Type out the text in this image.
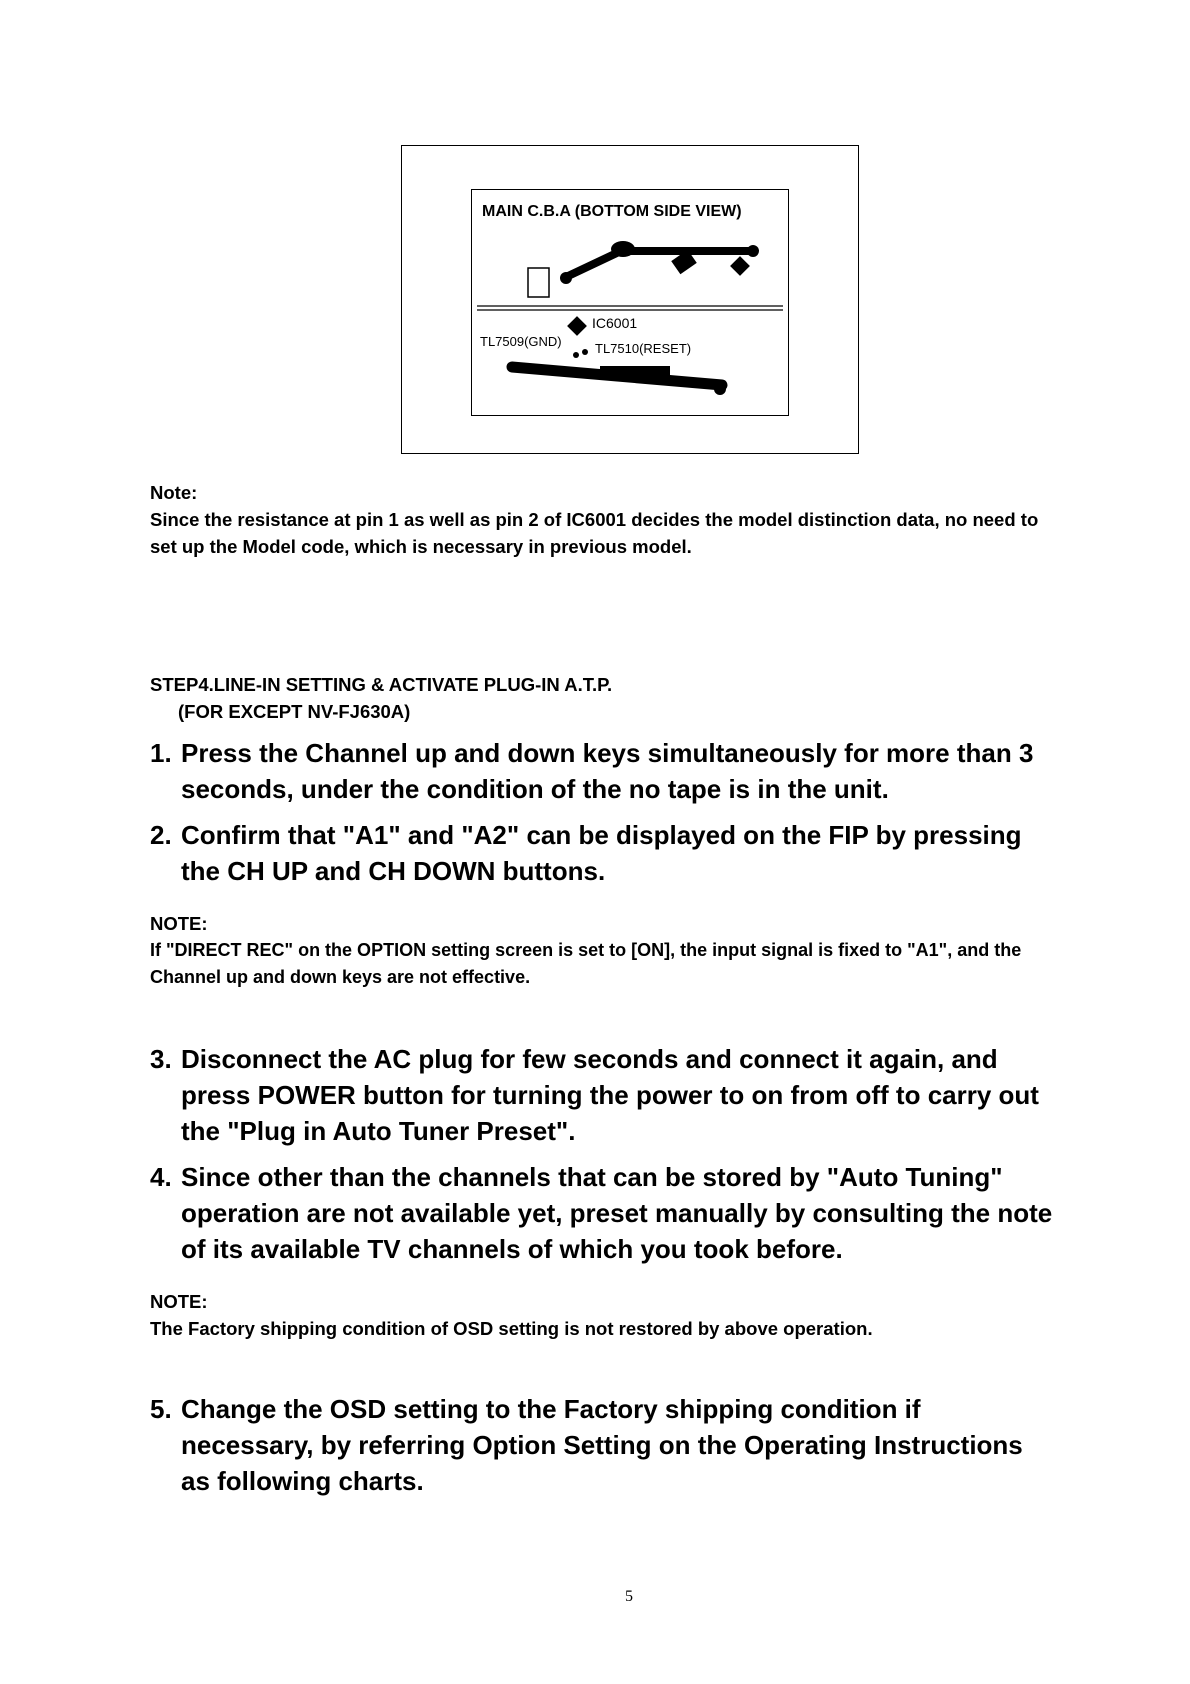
MAIN C.B.A (BOTTOM SIDE VIEW)
IC6001
TL7509(GND)	TL7510(RESET)
Note:
Since the resistance at pin 1 as well as pin 2 of IC6001 decides the model distinction data, no need to
set up the Model code, which is necessary in previous model.
STEP4.LINE-IN SETTING & ACTIVATE PLUG-IN A.T.P.
(FOR EXCEPT NV-FJ630A)
1. Press the Channel up and down keys simultaneously for more than 3
seconds, under the condition of the no tape is in the unit.
2. Confirm that "A1" and "A2" can be displayed on the FIP by pressing
the CH UP and CH DOWN buttons.
NOTE:
If "DIRECT REC" on the OPTION setting screen is set to [ON], the input signal is fixed to "A1", and the
Channel up and down keys are not effective.
3. Disconnect the AC plug for few seconds and connect it again, and
press POWER button for turning the power to on from off to carry out
the "Plug in Auto Tuner Preset".
4. Since other than the channels that can be stored by "Auto Tuning"
operation are not available yet, preset manually by consulting the note
of its available TV channels of which you took before.
NOTE:
The Factory shipping condition of OSD setting is not restored by above operation.
5. Change the OSD setting to the Factory shipping condition if
necessary, by referring Option Setting on the Operating Instructions
as following charts.
5
